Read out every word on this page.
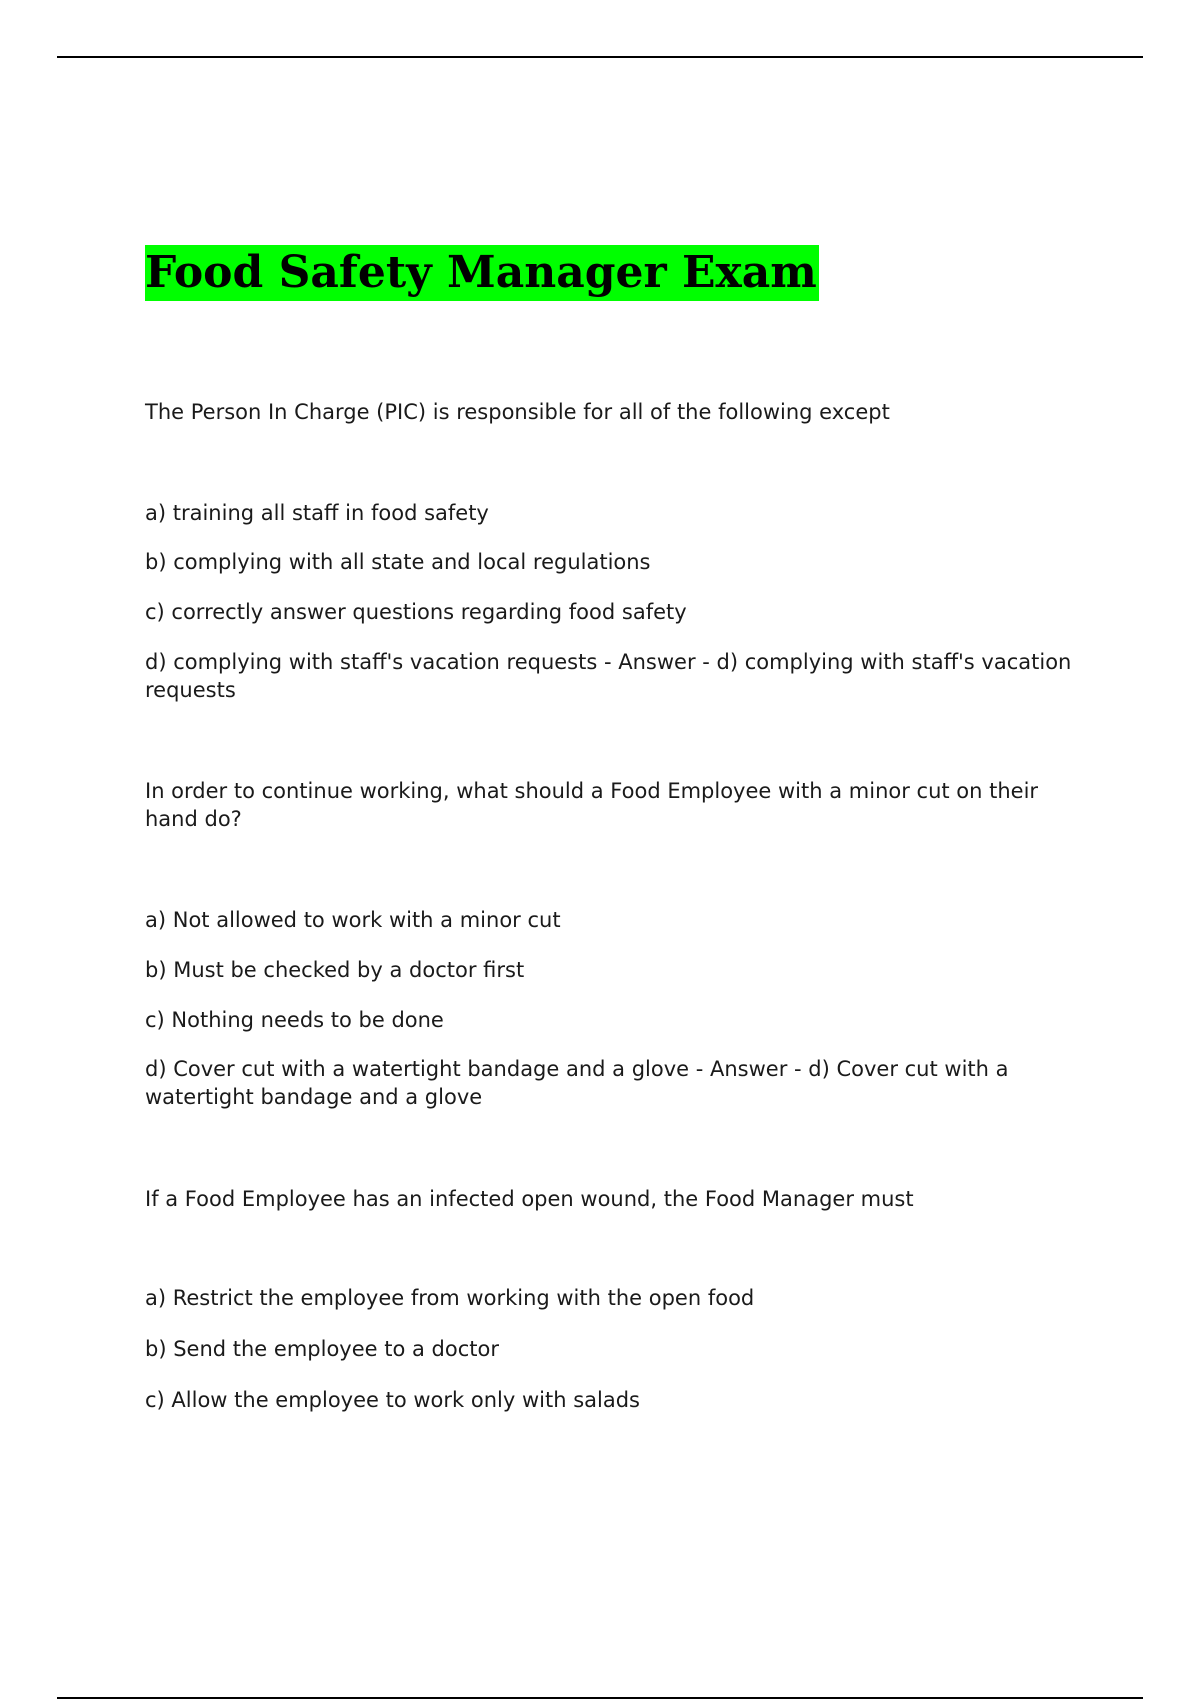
Food Safety Manager Exam
The Person In Charge (PIC) is responsible for all of the following except
a) training all staff in food safety
b) complying with all state and local regulations
c) correctly answer questions regarding food safety
d) complying with staff's vacation requests - Answer - d) complying with staff's vacation requests
In order to continue working, what should a Food Employee with a minor cut on their hand do?
a) Not allowed to work with a minor cut
b) Must be checked by a doctor first
c) Nothing needs to be done
d) Cover cut with a watertight bandage and a glove - Answer - d) Cover cut with a watertight bandage and a glove
If a Food Employee has an infected open wound, the Food Manager must
a) Restrict the employee from working with the open food
b) Send the employee to a doctor
c) Allow the employee to work only with salads
